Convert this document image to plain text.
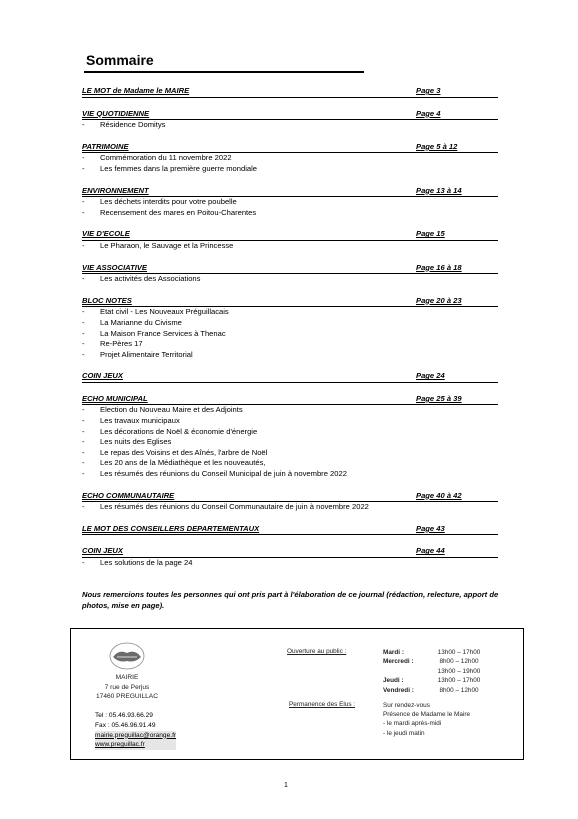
Sommaire
LE MOT de Madame le MAIRE	Page 3
VIE QUOTIDIENNE	Page 4
-	Résidence Domitys
PATRIMOINE	Page 5 à 12
-	Commémoration du 11 novembre 2022
-	Les femmes dans la première guerre mondiale
ENVIRONNEMENT	Page 13 à 14
-	Les déchets interdits pour votre poubelle
-	Recensement des mares en Poitou-Charentes
VIE D'ECOLE	Page 15
-	Le Pharaon, le Sauvage et la Princesse
VIE ASSOCIATIVE	Page 16 à 18
-	Les activités des Associations
BLOC NOTES	Page 20 à 23
-	Etat civil - Les Nouveaux Préguillacais
-	La Marianne du Civisme
-	La Maison France Services à Thenac
-	Re-Pères 17
-	Projet Alimentaire Territorial
COIN JEUX	Page 24
ECHO MUNICIPAL	Page 25 à 39
-	Election du Nouveau Maire et des Adjoints
-	Les travaux municipaux
-	Les décorations de Noël & économie d'énergie
-	Les nuits des Eglises
-	Le repas des Voisins et des Aînés, l'arbre de Noël
-	Les 20 ans de la Médiathèque et les nouveautés,
-	Les résumés des réunions du Conseil Municipal de juin à novembre 2022
ECHO COMMUNAUTAIRE	Page 40 à 42
-	Les résumés des réunions du Conseil Communautaire de juin à novembre 2022
LE MOT DES CONSEILLERS DEPARTEMENTAUX	Page 43
COIN JEUX	Page 44
-	Les solutions de la page 24

Nous remercions toutes les personnes qui ont pris part à l'élaboration de ce journal (rédaction, relecture, apport de photos, mise en page).

MAIRIE
7 rue de Perjus
17460 PREGUILLAC
Tel : 05.46.93.66.29
Fax : 05.46.96.91.49
mairie.preguillac@orange.fr
www.preguillac.fr
Ouverture au public :	Mardi :	13h00 – 17h00
Mercredi :	8h00 – 12h00
13h00 – 19h00
Jeudi :	13h00 – 17h00
Vendredi :	8h00 – 12h00
Permanence des Elus :	Sur rendez-vous
Présence de Madame le Maire
- le mardi après-midi
- le jeudi matin
1
